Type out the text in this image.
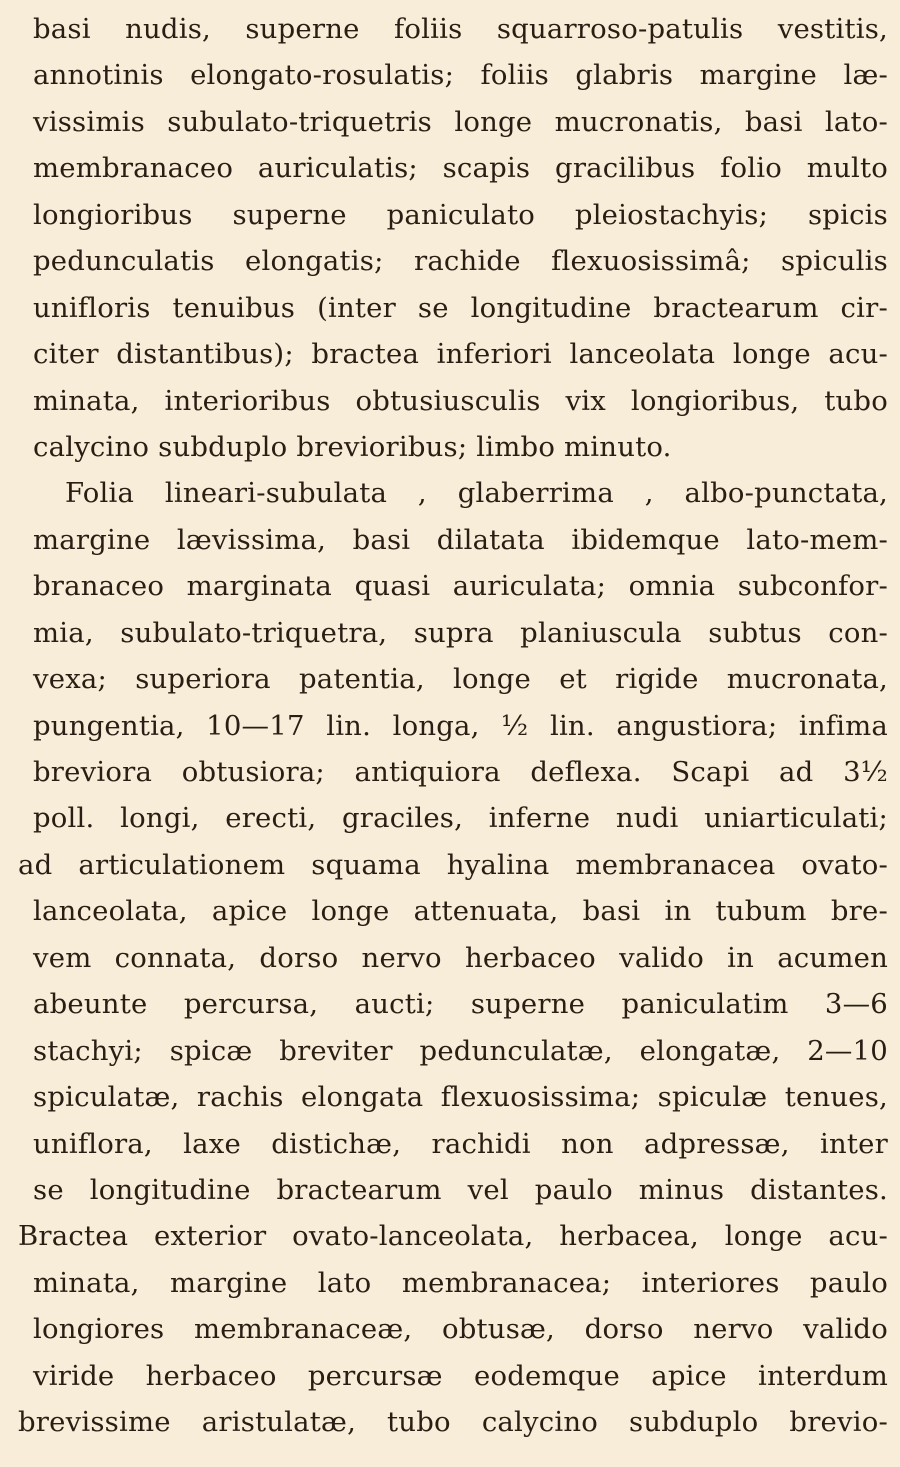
basi nudis, superne foliis squarroso-patulis vestitis,
annotinis elongato-rosulatis; foliis glabris margine læ-
vissimis subulato-triquetris longe mucronatis, basi lato-
membranaceo auriculatis; scapis gracilibus folio multo
longioribus superne paniculato pleiostachyis; spicis
pedunculatis elongatis; rachide flexuosissimâ; spiculis
unifloris tenuibus (inter se longitudine bractearum cir-
citer distantibus); bractea inferiori lanceolata longe acu-
minata, interioribus obtusiusculis vix longioribus, tubo
calycino subduplo brevioribus; limbo minuto.
Folia lineari-subulata , glaberrima , albo-punctata,
margine lævissima, basi dilatata ibidemque lato-mem-
branaceo marginata quasi auriculata; omnia subconfor-
mia, subulato-triquetra, supra planiuscula subtus con-
vexa; superiora patentia, longe et rigide mucronata,
pungentia, 10—17 lin. longa, ¹⁄₂ lin. angustiora; infima
breviora obtusiora; antiquiora deflexa. Scapi ad 3¹⁄₂
poll. longi, erecti, graciles, inferne nudi uniarticulati;
ad articulationem squama hyalina membranacea ovato-
lanceolata, apice longe attenuata, basi in tubum bre-
vem connata, dorso nervo herbaceo valido in acumen
abeunte percursa, aucti; superne paniculatim 3—6
stachyi; spicæ breviter pedunculatæ, elongatæ, 2—10
spiculatæ, rachis elongata flexuosissima; spiculæ tenues,
uniflora, laxe distichæ, rachidi non adpressæ, inter
se longitudine bractearum vel paulo minus distantes.
Bractea exterior ovato-lanceolata, herbacea, longe acu-
minata, margine lato membranacea; interiores paulo
longiores membranaceæ, obtusæ, dorso nervo valido
viride herbaceo percursæ eodemque apice interdum
brevissime aristulatæ, tubo calycino subduplo brevio-
